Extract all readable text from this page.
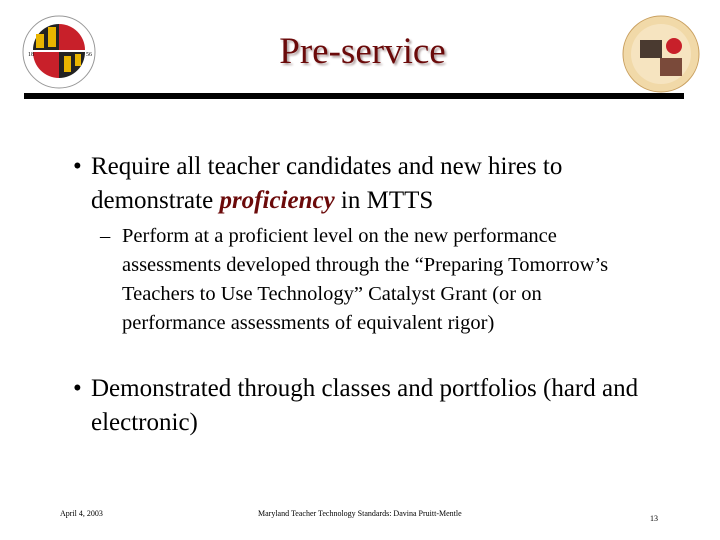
18	56	Pre-service
• Require all teacher candidates and new hires to demonstrate proficiency in MTTS
– Perform at a proficient level on the new performance assessments developed through the “Preparing Tomorrow’s Teachers to Use Technology” Catalyst Grant (or on performance assessments of equivalent rigor)
• Demonstrated through classes and portfolios (hard and electronic)
April 4, 2003	Maryland Teacher Technology Standards: Davina Pruitt-Mentle
13
